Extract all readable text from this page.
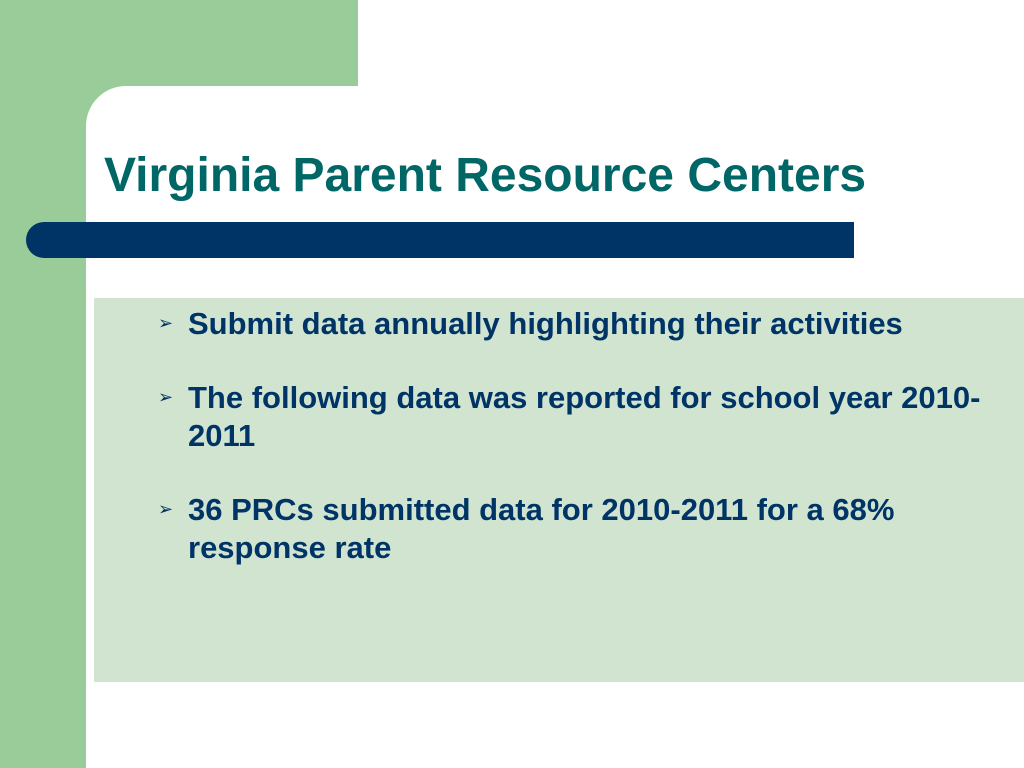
Virginia Parent Resource Centers
➢ Submit data annually highlighting their activities
➢ The following data was reported for school year 2010-2011
➢ 36 PRCs submitted data for 2010-2011 for a 68% response rate
